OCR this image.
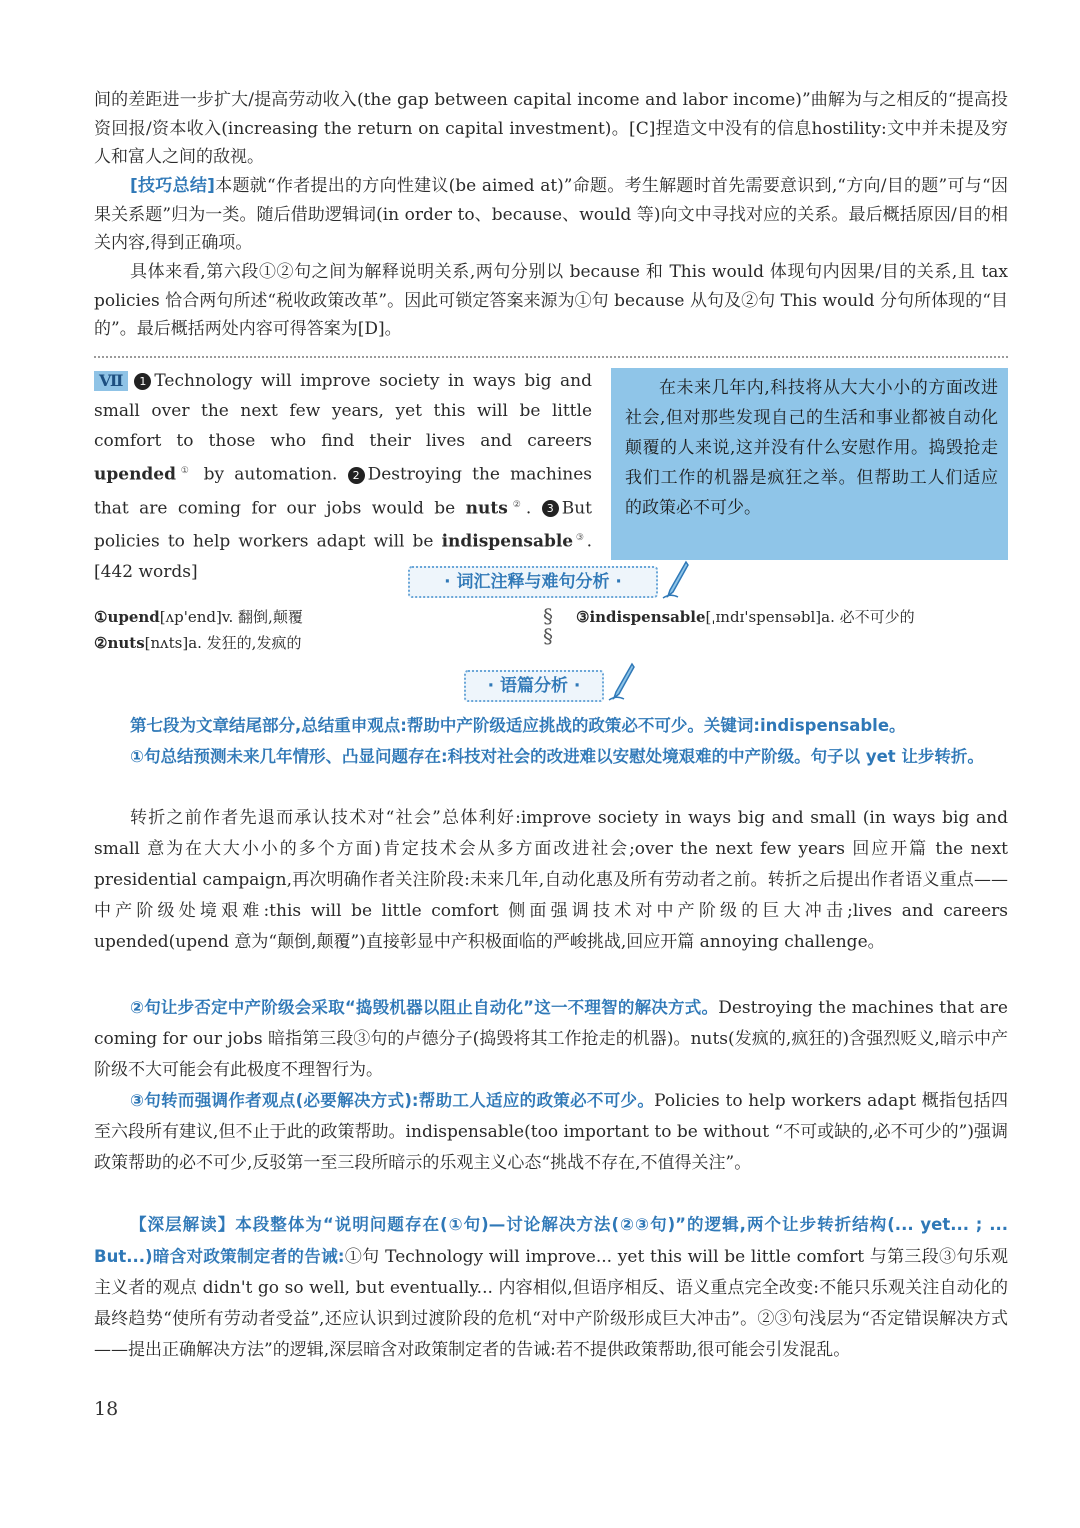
间的差距进一步扩大/提高劳动收入(the gap between capital income and labor income)”曲解为与之相反的“提高投资回报/资本收入(increasing the return on capital investment)。[C]捏造文中没有的信息hostility:文中并未提及穷人和富人之间的敌视。

[技巧总结]本题就“作者提出的方向性建议(be aimed at)”命题。考生解题时首先需要意识到,“方向/目的题”可与“因果关系题”归为一类。随后借助逻辑词(in order to、because、would 等)向文中寻找对应的关系。最后概括原因/目的相关内容,得到正确项。

具体来看,第六段①②句之间为解释说明关系,两句分别以 because 和 This would 体现句内因果/目的关系,且 tax policies 恰合两句所述“税收政策改革”。因此可锁定答案来源为①句 because 从句及②句 This would 分句所体现的“目的”。最后概括两处内容可得答案为[D]。

Ⅶ 1 Technology will improve society in ways big and small over the next few years, yet this will be little comfort to those who find their lives and careers upended① by automation. 2 Destroying the machines that are coming for our jobs would be nuts②. 3 But policies to help workers adapt will be indispensable③. [442 words]

在未来几年内,科技将从大大小小的方面改进社会,但对那些发现自己的生活和事业都被自动化颠覆的人来说,这并没有什么安慰作用。捣毁抢走我们工作的机器是疯狂之举。但帮助工人们适应的政策必不可少。

· 词汇注释与难句分析 ·

①upend[ʌp'end]v. 翻倒,颠覆

②nuts[nʌts]a. 发狂的,发疯的

§
§

③indispensable[ˌɪndɪ'spensəbl]a. 必不可少的

· 语篇分析 ·

第七段为文章结尾部分,总结重申观点:帮助中产阶级适应挑战的政策必不可少。关键词:indispensable。

①句总结预测未来几年情形、凸显问题存在:科技对社会的改进难以安慰处境艰难的中产阶级。句子以 yet 让步转折。

转折之前作者先退而承认技术对“社会”总体利好:improve society in ways big and small (in ways big and small 意为在大大小小的多个方面)肯定技术会从多方面改进社会;over the next few years 回应开篇 the next presidential campaign,再次明确作者关注阶段:未来几年,自动化惠及所有劳动者之前。转折之后提出作者语义重点——中产阶级处境艰难:this will be little comfort 侧面强调技术对中产阶级的巨大冲击;lives and careers upended(upend 意为“颠倒,颠覆”)直接彰显中产积极面临的严峻挑战,回应开篇 annoying challenge。

②句让步否定中产阶级会采取“捣毁机器以阻止自动化”这一不理智的解决方式。Destroying the machines that are coming for our jobs 暗指第三段③句的卢德分子(捣毁将其工作抢走的机器)。nuts(发疯的,疯狂的)含强烈贬义,暗示中产阶级不大可能会有此极度不理智行为。

③句转而强调作者观点(必要解决方式):帮助工人适应的政策必不可少。Policies to help workers adapt 概指包括四至六段所有建议,但不止于此的政策帮助。indispensable(too important to be without “不可或缺的,必不可少的”)强调政策帮助的必不可少,反驳第一至三段所暗示的乐观主义心态“挑战不存在,不值得关注”。

【深层解读】本段整体为“说明问题存在(①句)—讨论解决方法(②③句)”的逻辑,两个让步转折结构(... yet... ; ... But...)暗含对政策制定者的告诫:①句 Technology will improve... yet this will be little comfort 与第三段③句乐观主义者的观点 didn't go so well, but eventually... 内容相似,但语序相反、语义重点完全改变:不能只乐观关注自动化的最终趋势“使所有劳动者受益”,还应认识到过渡阶段的危机“对中产阶级形成巨大冲击”。②③句浅层为“否定错误解决方式——提出正确解决方法”的逻辑,深层暗含对政策制定者的告诫:若不提供政策帮助,很可能会引发混乱。

18
